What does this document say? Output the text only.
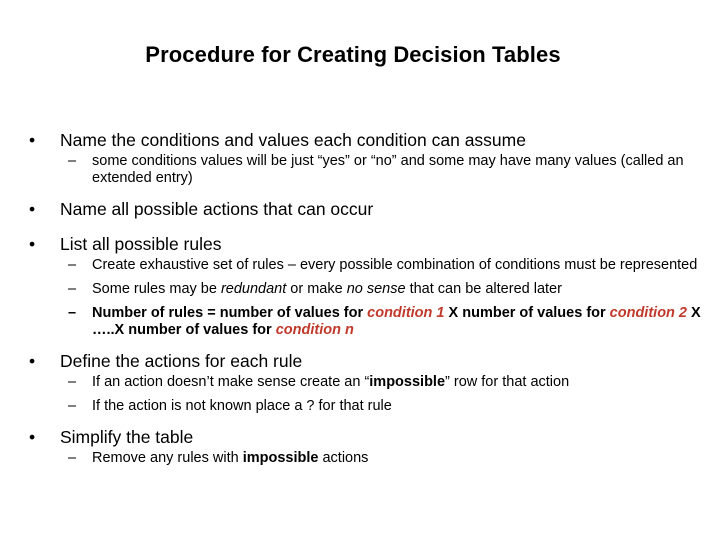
Procedure for Creating Decision Tables
• Name the conditions and values each condition can assume
– some conditions values will be just “yes” or “no” and some may have many values (called an extended entry)
• Name all possible actions that can occur
• List all possible rules
– Create exhaustive set of rules – every possible combination of conditions must be represented
– Some rules may be redundant or make no sense that can be altered later
– Number of rules = number of values for condition 1 X number of values for condition 2 X …..X number of values for condition n
• Define the actions for each rule
– If an action doesn’t make sense create an “impossible” row for that action
– If the action is not known place a ? for that rule
• Simplify the table
– Remove any rules with impossible actions
